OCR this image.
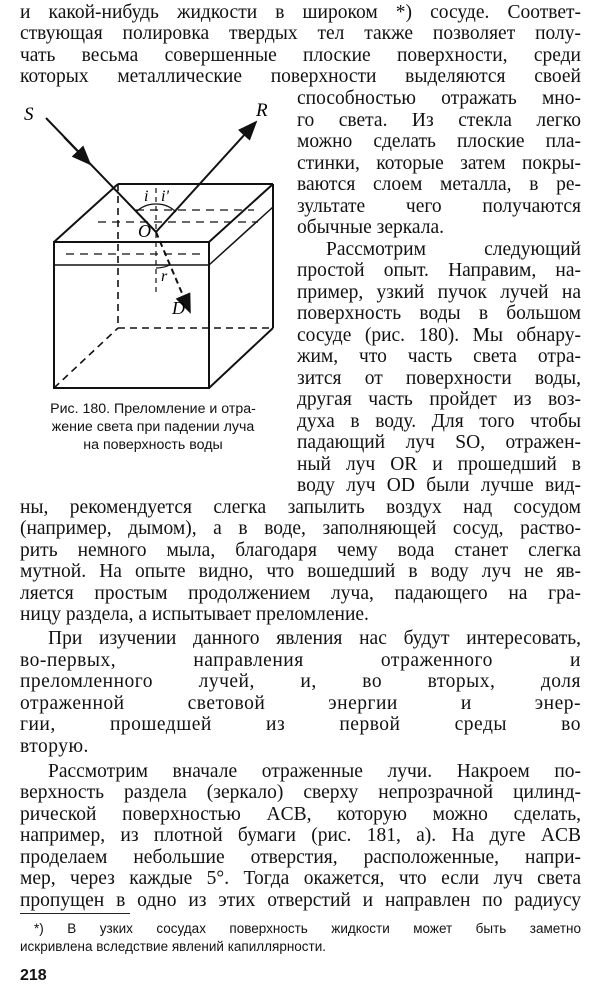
и какой-нибудь жидкости в широком *) сосуде. Соответ-
ствующая полировка твердых тел также позволяет полу-
чать весьма совершенные плоские поверхности, среди
которых металлические поверхности выделяются своей
S	R
O
D
i i'
r
Рис. 180. Преломление и отра-
жение света при падении луча
на поверхность воды
способностью отражать мно-
го света. Из стекла легко
можно сделать плоские пла-
стинки, которые затем покры-
ваются слоем металла, в ре-
зультате чего получаются
обычные зеркала.
Рассмотрим следующий
простой опыт. Направим, на-
пример, узкий пучок лучей на
поверхность воды в большом
сосуде (рис. 180). Мы обнару-
жим, что часть света отра-
зится от поверхности воды,
другая часть пройдет из воз-
духа в воду. Для того чтобы
падающий луч SO, отражен-
ный луч OR и прошедший в
воду луч OD были лучше вид-
ны, рекомендуется слегка запылить воздух над сосудом
(например, дымом), а в воде, заполняющей сосуд, раство-
рить немного мыла, благодаря чему вода станет слегка
мутной. На опыте видно, что вошедший в воду луч не яв-
ляется простым продолжением луча, падающего на гра-
ницу раздела, а испытывает преломление.
При изучении данного явления нас будут интересовать,
во-первых, направления отраженного и
преломленного лучей, и, во вторых, доля
отраженной световой энергии и энер-
гии, прошедшей из первой среды во
вторую.
Рассмотрим вначале отраженные лучи. Накроем по-
верхность раздела (зеркало) сверху непрозрачной цилинд-
рической поверхностью ACB, которую можно сделать,
например, из плотной бумаги (рис. 181, a). На дуге ACB
проделаем небольшие отверстия, расположенные, напри-
мер, через каждые 5°. Тогда окажется, что если луч света
пропущен в одно из этих отверстий и направлен по радиусу
*) В узких сосудах поверхность жидкости может быть заметно
искривлена вследствие явлений капиллярности.
218
